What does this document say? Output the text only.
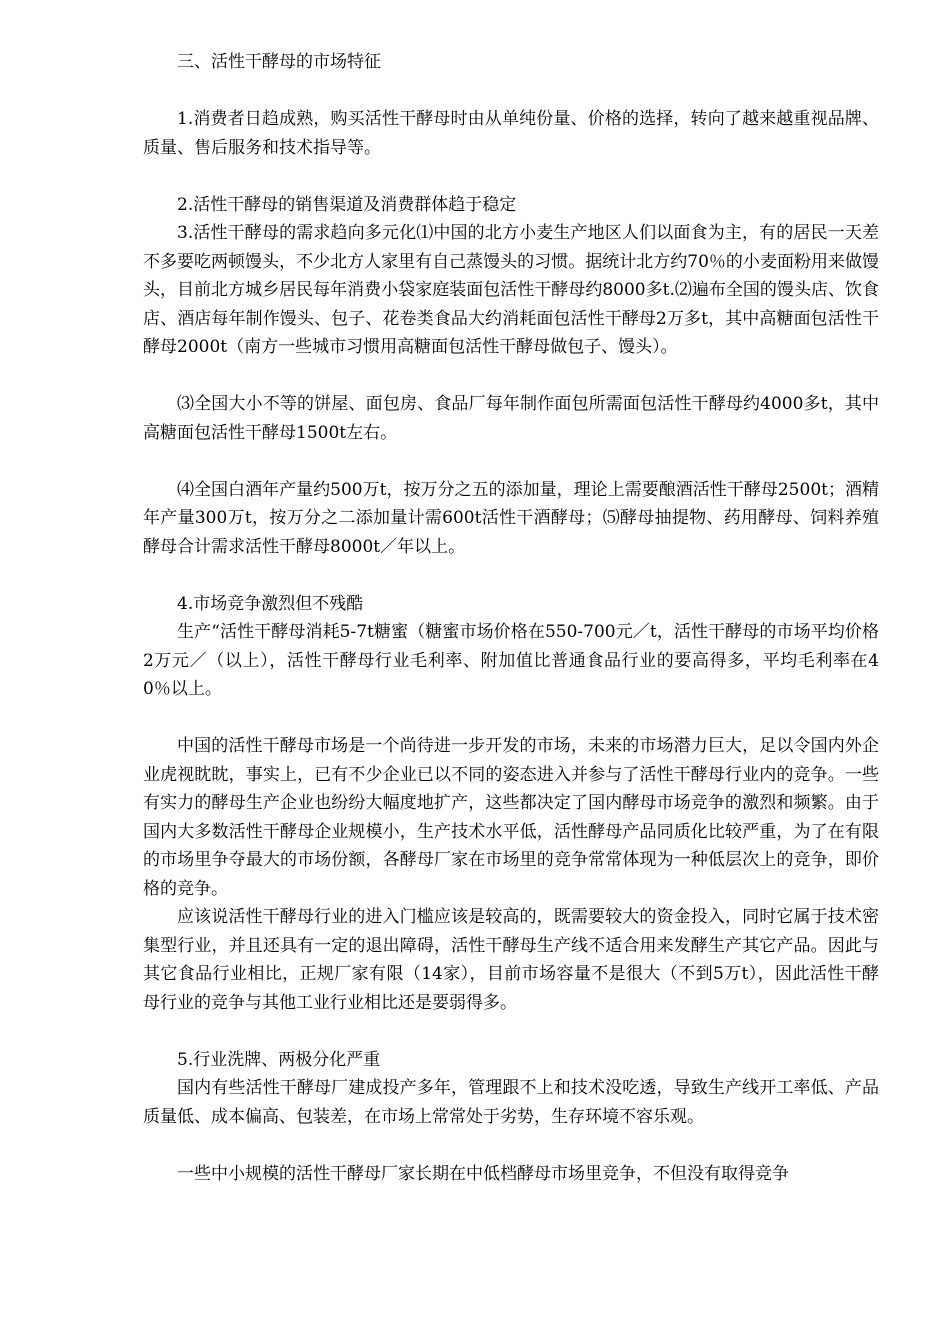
三、活性干酵母的市场特征

1.消费者日趋成熟，购买活性干酵母时由从单纯份量、价格的选择，转向了越来越重视品牌、质量、售后服务和技术指导等。

2.活性干酵母的销售渠道及消费群体趋于稳定

3.活性干酵母的需求趋向多元化⑴中国的北方小麦生产地区人们以面食为主，有的居民一天差不多要吃两顿馒头，不少北方人家里有自己蒸馒头的习惯。据统计北方约70％的小麦面粉用来做馒头，目前北方城乡居民每年消费小袋家庭装面包活性干酵母约8000多t.⑵遍布全国的馒头店、饮食店、酒店每年制作馒头、包子、花卷类食品大约消耗面包活性干酵母2万多t，其中高糖面包活性干酵母2000t（南方一些城市习惯用高糖面包活性干酵母做包子、馒头）。

⑶全国大小不等的饼屋、面包房、食品厂每年制作面包所需面包活性干酵母约4000多t，其中高糖面包活性干酵母1500t左右。

⑷全国白酒年产量约500万t，按万分之五的添加量，理论上需要酿酒活性干酵母2500t；酒精年产量300万t，按万分之二添加量计需600t活性干酒酵母；⑸酵母抽提物、药用酵母、饲料养殖酵母合计需求活性干酵母8000t／年以上。

4.市场竞争激烈但不残酷

生产“活性干酵母消耗5-7t糖蜜（糖蜜市场价格在550-700元／t，活性干酵母的市场平均价格2万元／（以上），活性干酵母行业毛利率、附加值比普通食品行业的要高得多，平均毛利率在40％以上。

中国的活性干酵母市场是一个尚待进一步开发的市场，未来的市场潜力巨大，足以令国内外企业虎视眈眈，事实上，已有不少企业已以不同的姿态进入并参与了活性干酵母行业内的竞争。一些有实力的酵母生产企业也纷纷大幅度地扩产，这些都决定了国内酵母市场竞争的激烈和频繁。由于国内大多数活性干酵母企业规模小，生产技术水平低，活性酵母产品同质化比较严重，为了在有限的市场里争夺最大的市场份额，各酵母厂家在市场里的竞争常常体现为一种低层次上的竞争，即价格的竞争。

应该说活性干酵母行业的进入门槛应该是较高的，既需要较大的资金投入，同时它属于技术密集型行业，并且还具有一定的退出障碍，活性干酵母生产线不适合用来发酵生产其它产品。因此与其它食品行业相比，正规厂家有限（14家），目前市场容量不是很大（不到5万t），因此活性干酵母行业的竞争与其他工业行业相比还是要弱得多。

5.行业洗牌、两极分化严重

国内有些活性干酵母厂建成投产多年，管理跟不上和技术没吃透，导致生产线开工率低、产品质量低、成本偏高、包装差，在市场上常常处于劣势，生存环境不容乐观。

一些中小规模的活性干酵母厂家长期在中低档酵母市场里竞争，不但没有取得竞争
